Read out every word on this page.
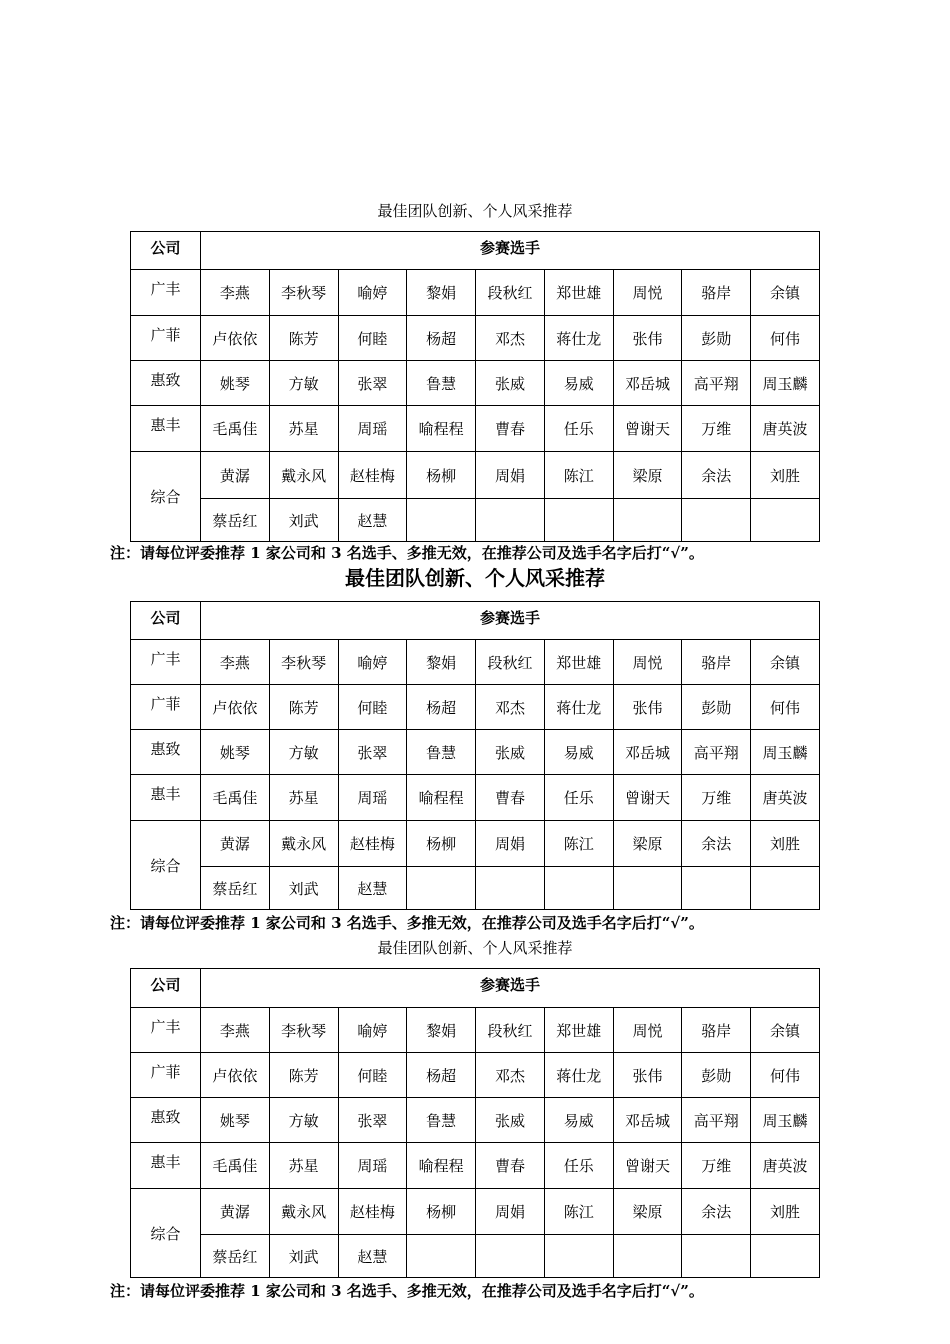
最佳团队创新、个人风采推荐
公司	参赛选手								
广丰	李燕	李秋琴	喻婷	黎娟	段秋红	郑世雄	周悦	骆岸	余镇
广菲	卢依依	陈芳	何睦	杨超	邓杰	蒋仕龙	张伟	彭勋	何伟
惠致	姚琴	方敏	张翠	鲁慧	张威	易威	邓岳城	高平翔	周玉麟
惠丰	毛禹佳	苏星	周瑶	喻程程	曹春	任乐	曾谢天	万维	唐英波
综合	黄潺	戴永风	赵桂梅	杨柳	周娟	陈江	梁原	余法	刘胜
	蔡岳红	刘武	赵慧						
注：请每位评委推荐 1 家公司和 3 名选手、多推无效，在推荐公司及选手名字后打“√”。
最佳团队创新、个人风采推荐
公司	参赛选手								
广丰	李燕	李秋琴	喻婷	黎娟	段秋红	郑世雄	周悦	骆岸	余镇
广菲	卢依依	陈芳	何睦	杨超	邓杰	蒋仕龙	张伟	彭勋	何伟
惠致	姚琴	方敏	张翠	鲁慧	张威	易威	邓岳城	高平翔	周玉麟
惠丰	毛禹佳	苏星	周瑶	喻程程	曹春	任乐	曾谢天	万维	唐英波
综合	黄潺	戴永风	赵桂梅	杨柳	周娟	陈江	梁原	余法	刘胜
	蔡岳红	刘武	赵慧						
注：请每位评委推荐 1 家公司和 3 名选手、多推无效，在推荐公司及选手名字后打“√”。
最佳团队创新、个人风采推荐
公司	参赛选手								
广丰	李燕	李秋琴	喻婷	黎娟	段秋红	郑世雄	周悦	骆岸	余镇
广菲	卢依依	陈芳	何睦	杨超	邓杰	蒋仕龙	张伟	彭勋	何伟
惠致	姚琴	方敏	张翠	鲁慧	张威	易威	邓岳城	高平翔	周玉麟
惠丰	毛禹佳	苏星	周瑶	喻程程	曹春	任乐	曾谢天	万维	唐英波
综合	黄潺	戴永风	赵桂梅	杨柳	周娟	陈江	梁原	余法	刘胜
	蔡岳红	刘武	赵慧						
注：请每位评委推荐 1 家公司和 3 名选手、多推无效，在推荐公司及选手名字后打“√”。
